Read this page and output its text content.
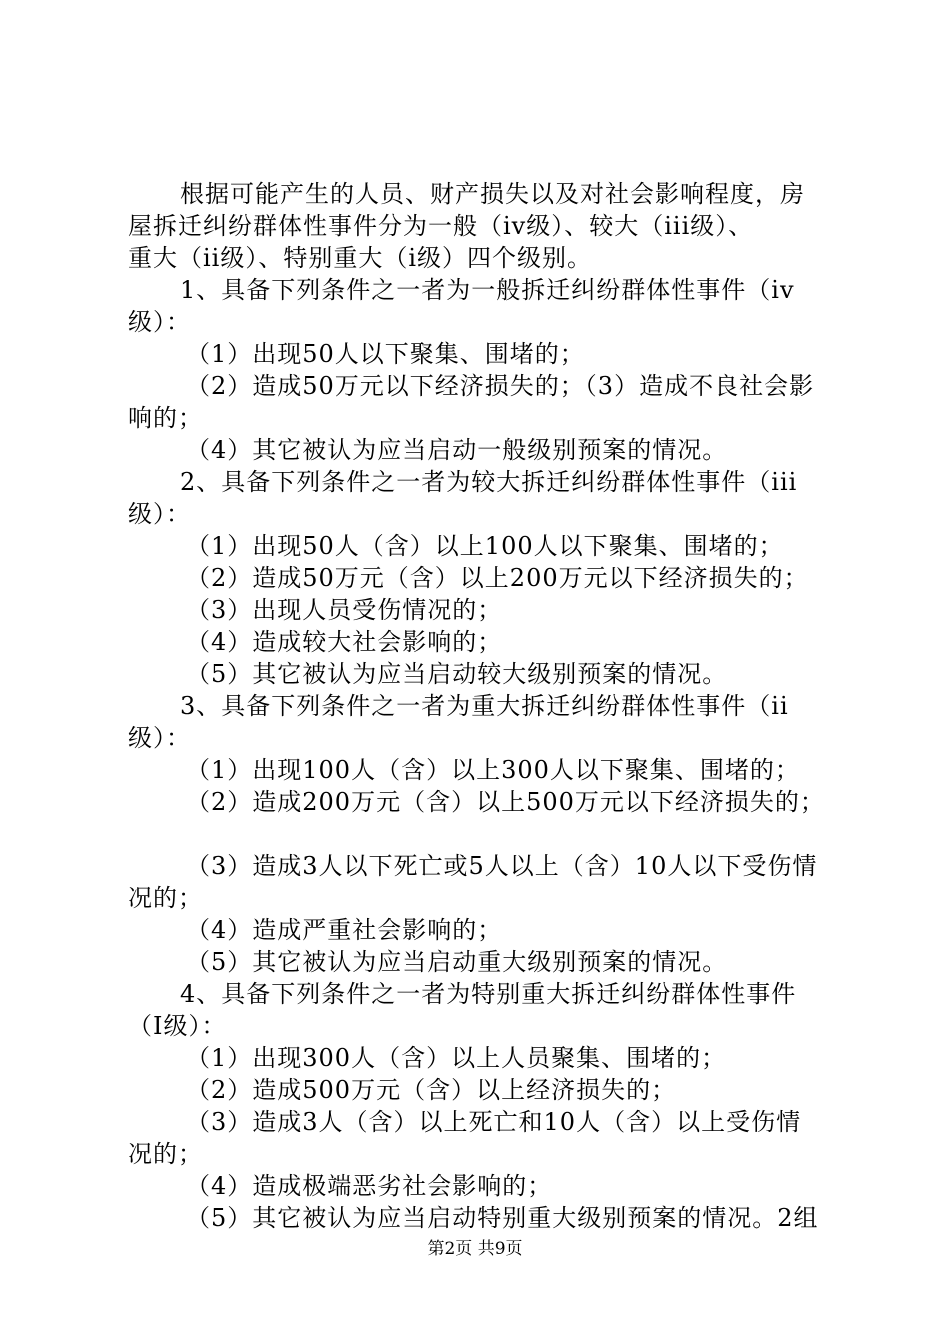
根据可能产生的人员、财产损失以及对社会影响程度，房
屋拆迁纠纷群体性事件分为一般（iv级）、较大（iii级）、
重大（ii级）、特别重大（i级）四个级别。
1、具备下列条件之一者为一般拆迁纠纷群体性事件（iv
级）：
（1）出现50人以下聚集、围堵的；
（2）造成50万元以下经济损失的；（3）造成不良社会影
响的；
（4）其它被认为应当启动一般级别预案的情况。
2、具备下列条件之一者为较大拆迁纠纷群体性事件（iii
级）：
（1）出现50人（含）以上100人以下聚集、围堵的；
（2）造成50万元（含）以上200万元以下经济损失的；
（3）出现人员受伤情况的；
（4）造成较大社会影响的；
（5）其它被认为应当启动较大级别预案的情况。
3、具备下列条件之一者为重大拆迁纠纷群体性事件（ii
级）：
（1）出现100人（含）以上300人以下聚集、围堵的；
（2）造成200万元（含）以上500万元以下经济损失的；
（3）造成3人以下死亡或5人以上（含）10人以下受伤情
况的；
（4）造成严重社会影响的；
（5）其它被认为应当启动重大级别预案的情况。
4、具备下列条件之一者为特别重大拆迁纠纷群体性事件
（Ⅰ级）：
（1）出现300人（含）以上人员聚集、围堵的；
（2）造成500万元（含）以上经济损失的；
（3）造成3人（含）以上死亡和10人（含）以上受伤情
况的；
（4）造成极端恶劣社会影响的；
（5）其它被认为应当启动特别重大级别预案的情况。2组
第2页 共9页
